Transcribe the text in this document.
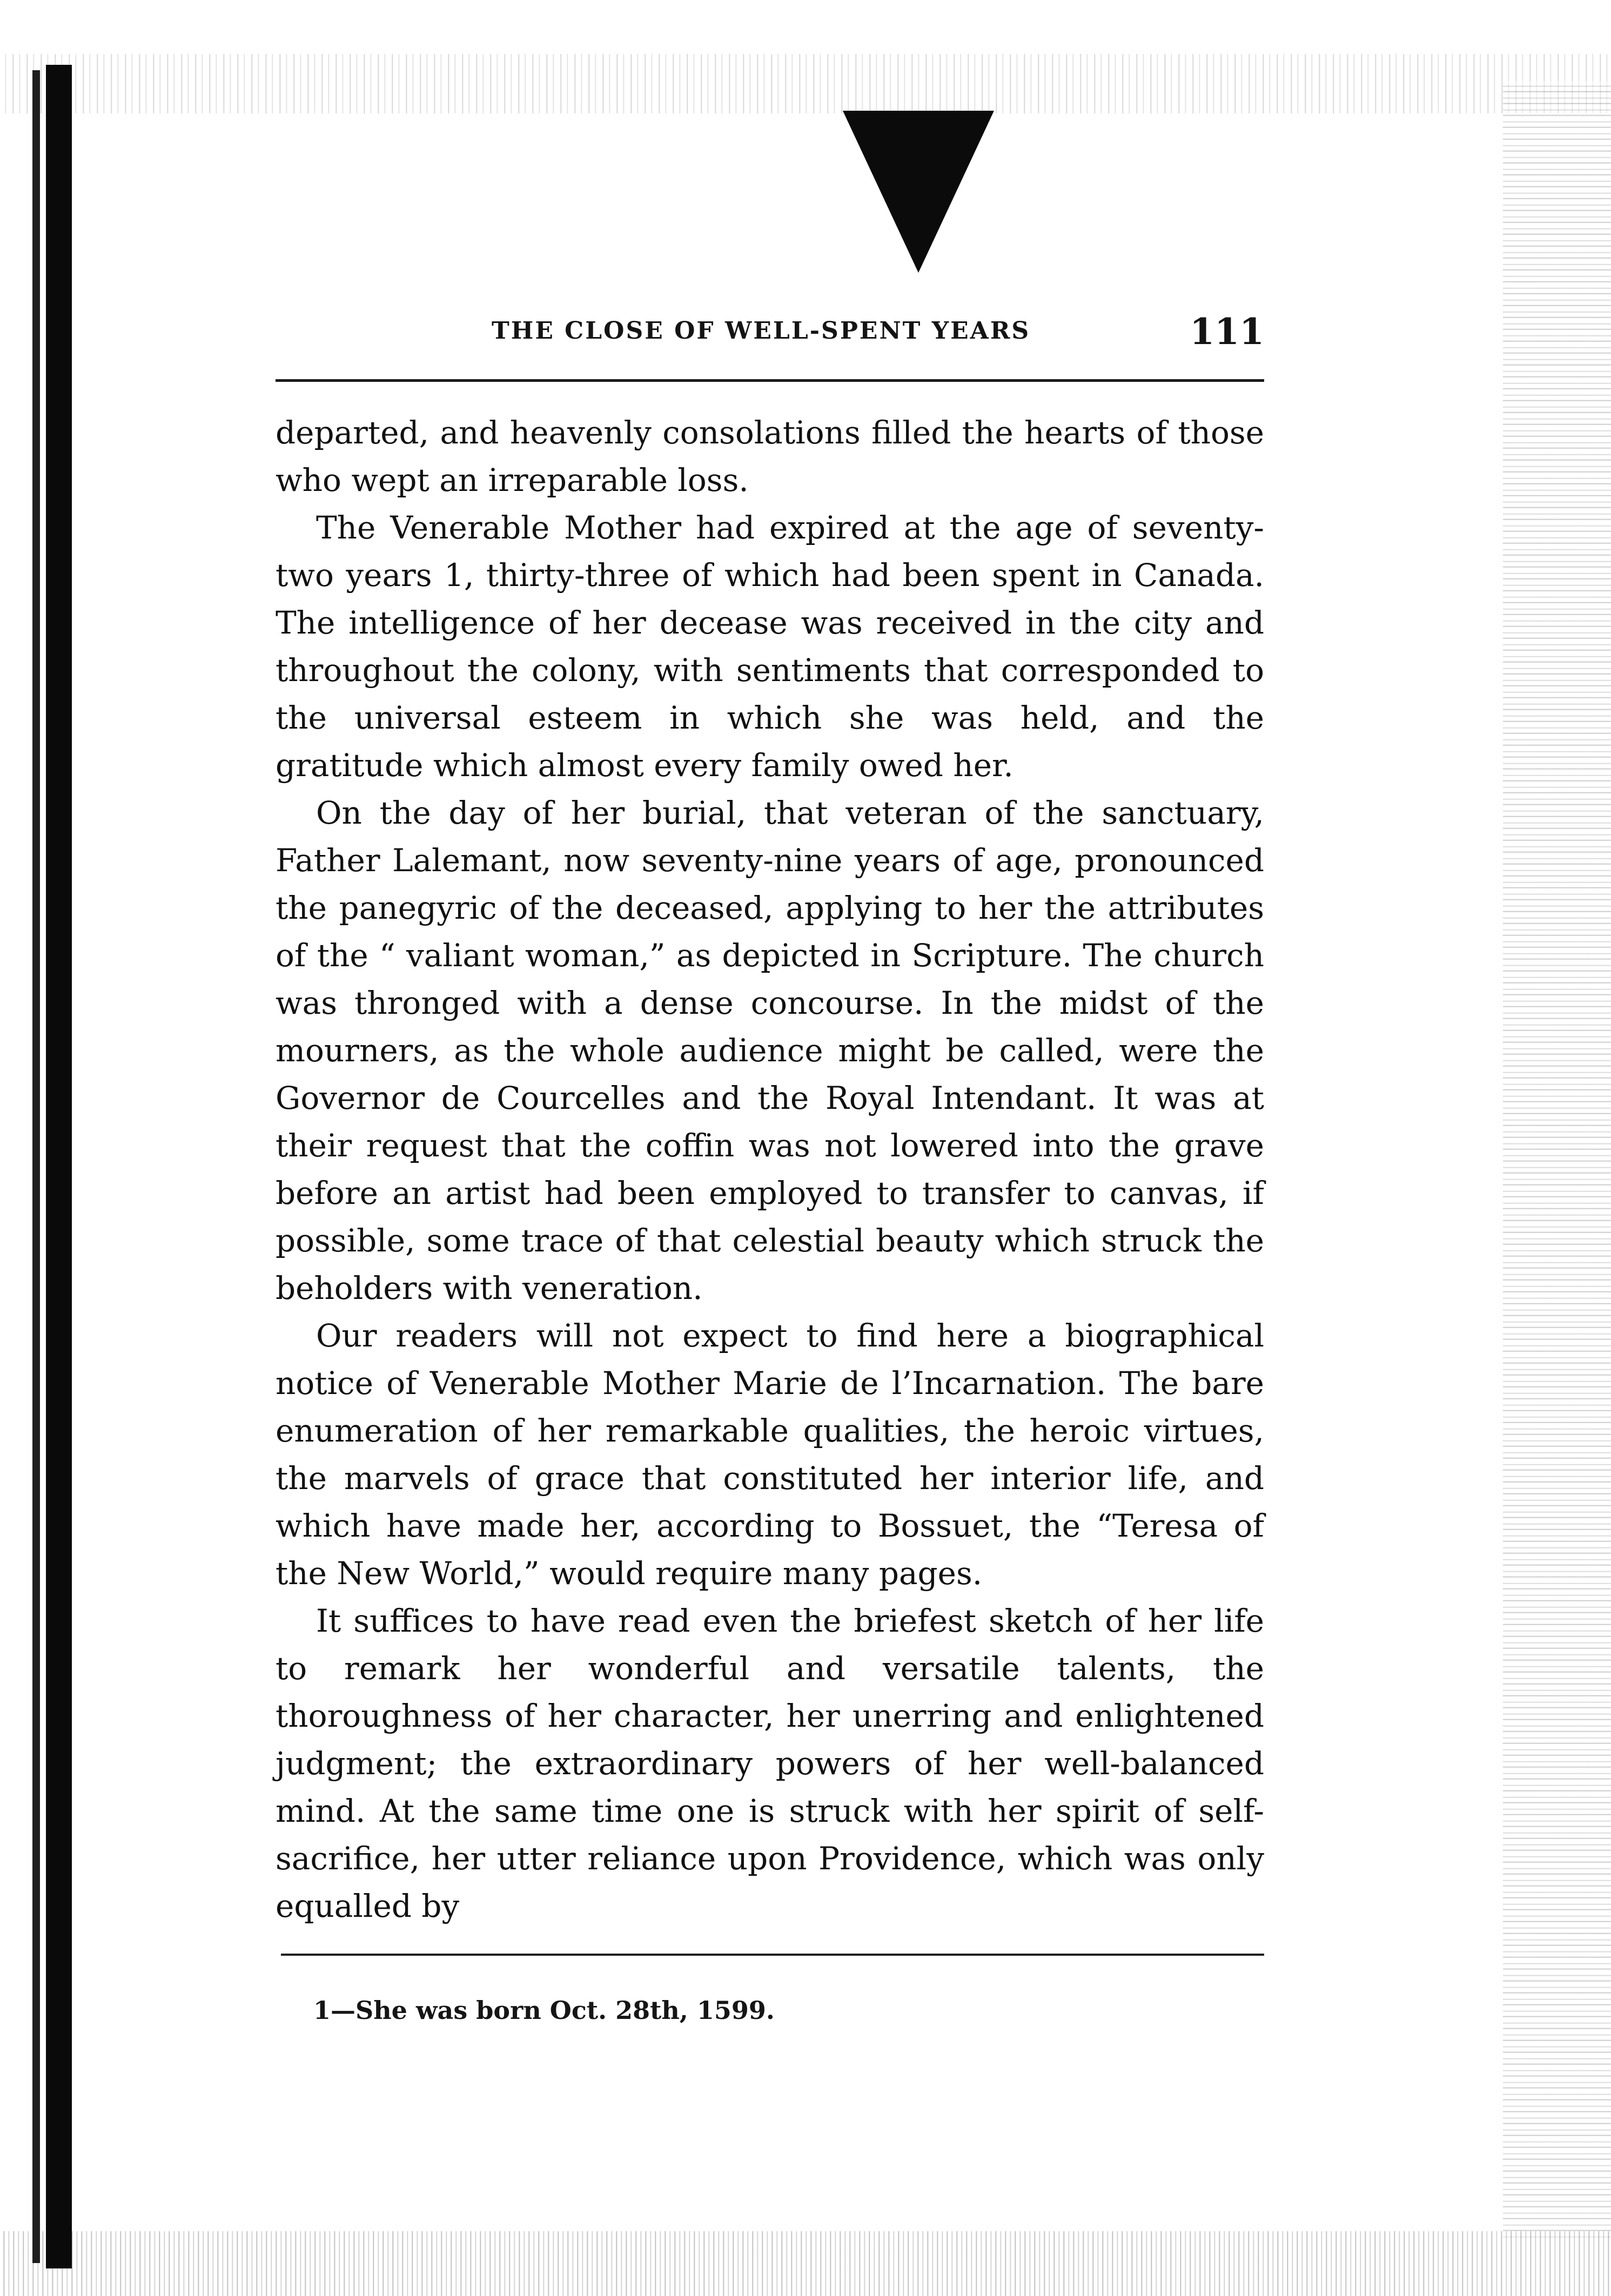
THE CLOSE OF WELL-SPENT YEARS	111

departed, and heavenly consolations filled the hearts of those who wept an irreparable loss.

The Venerable Mother had expired at the age of seventy-two years 1, thirty-three of which had been spent in Canada. The intelligence of her decease was received in the city and throughout the colony, with sentiments that corresponded to the universal esteem in which she was held, and the gratitude which almost every family owed her.

On the day of her burial, that veteran of the sanctuary, Father Lalemant, now seventy-nine years of age, pronounced the panegyric of the deceased, applying to her the attributes of the “ valiant woman,” as depicted in Scripture. The church was thronged with a dense concourse. In the midst of the mourners, as the whole audience might be called, were the Governor de Courcelles and the Royal Intendant. It was at their request that the coffin was not lowered into the grave before an artist had been employed to transfer to canvas, if possible, some trace of that celestial beauty which struck the beholders with veneration.

Our readers will not expect to find here a biographical notice of Venerable Mother Marie de l’Incarnation. The bare enumeration of her remarkable qualities, the heroic virtues, the marvels of grace that constituted her interior life, and which have made her, according to Bossuet, the “Teresa of the New World,” would require many pages.

It suffices to have read even the briefest sketch of her life to remark her wonderful and versatile talents, the thoroughness of her character, her unerring and enlightened judgment; the extraordinary powers of her well-balanced mind. At the same time one is struck with her spirit of self-sacrifice, her utter reliance upon Providence, which was only equalled by

1—She was born Oct. 28th, 1599.
